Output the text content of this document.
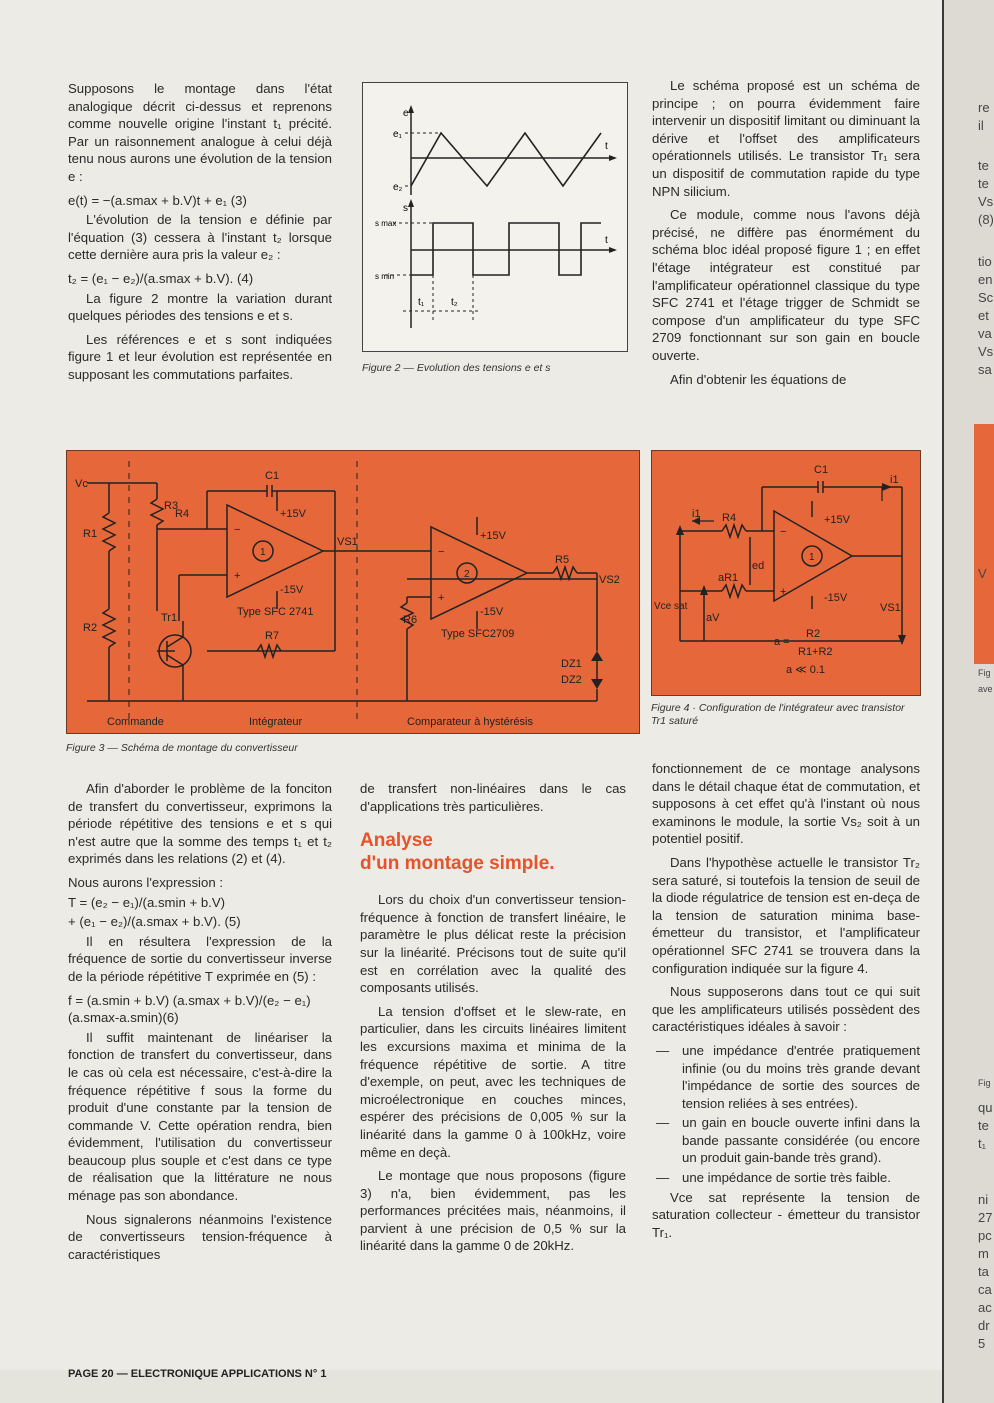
Supposons le montage dans l'état analogique décrit ci-dessus et reprenons comme nouvelle origine l'instant t₁ précité. Par un raisonnement analogue à celui déjà tenu nous aurons une évolution de la tension e :

e(t) = −(a.smax + b.V)t + e₁ (3)

L'évolution de la tension e définie par l'équation (3) cessera à l'instant t₂ lorsque cette dernière aura pris la valeur e₂ :

t₂ = (e₁ − e₂)/(a.smax + b.V). (4)

La figure 2 montre la variation durant quelques périodes des tensions e et s.

Les références e et s sont indiquées figure 1 et leur évolution est représentée en supposant les commutations parfaites.

e
e₁
e₂
t
s
s max
s min
t
t₁	t₂
Figure 2 — Evolution des tensions e et s

Le schéma proposé est un schéma de principe ; on pourra évidemment faire intervenir un dispositif limitant ou diminuant la dérive et l'offset des amplificateurs opérationnels utilisés. Le transistor Tr₁ sera un dispositif de commutation rapide du type NPN silicium.

Ce module, comme nous l'avons déjà précisé, ne diffère pas énormément du schéma bloc idéal proposé figure 1 ; en effet l'étage intégrateur est constitué par l'amplificateur opérationnel classique du type SFC 2741 et l'étage trigger de Schmidt se compose d'un amplificateur du type SFC 2709 fonctionnant sur son gain en boucle ouverte.

Afin d'obtenir les équations de

Vc
R1
R2
R3
R4
C1
+15V
-15V
1
+
−
Type SFC 2741
R7
Tr1
VS1	+15V
-15V
2
−
+
R6
Type SFC2709
R5
VS2
DZ1
DZ2
Commande	Intégrateur	Comparateur à hystérésis
Figure 3 — Schéma de montage du convertisseur
C1
i1
i1 R4	+15V
-15V
1
−
+
aR1
ed
Vce sat
aV
VS1
a =
R2
R1+R2
a ≪ 0.1
Figure 4 · Configuration de l'intégrateur avec transistor Tr1 saturé

Afin d'aborder le problème de la fonciton de transfert du convertisseur, exprimons la période répétitive des tensions e et s qui n'est autre que la somme des temps t₁ et t₂ exprimés dans les relations (2) et (4).

Nous aurons l'expression :

T = (e₂ − e₁)/(a.smin + b.V)

+ (e₁ − e₂)/(a.smax + b.V). (5)

Il en résultera l'expression de la fréquence de sortie du convertisseur inverse de la période répétitive T exprimée en (5) :

f = (a.smin + b.V) (a.smax + b.V)/(e₂ − e₁)(a.smax-a.smin)(6)

Il suffit maintenant de linéariser la fonction de transfert du convertisseur, dans le cas où cela est nécessaire, c'est-à-dire la fréquence répétitive f sous la forme du produit d'une constante par la tension de commande V. Cette opération rendra, bien évidemment, l'utilisation du convertisseur beaucoup plus souple et c'est dans ce type de réalisation que la littérature ne nous ménage pas son abondance.

Nous signalerons néanmoins l'existence de convertisseurs tension-fréquence à caractéristiques

de transfert non-linéaires dans le cas d'applications très particulières.

Analyse
d'un montage simple.

Lors du choix d'un convertisseur tension-fréquence à fonction de transfert linéaire, le paramètre le plus délicat reste la précision sur la linéarité. Précisons tout de suite qu'il est en corrélation avec la qualité des composants utilisés.

La tension d'offset et le slew-rate, en particulier, dans les circuits linéaires limitent les excursions maxima et minima de la fréquence répétitive de sortie. A titre d'exemple, on peut, avec les techniques de microélectronique en couches minces, espérer des précisions de 0,005 % sur la linéarité dans la gamme 0 à 100kHz, voire même en deçà.

Le montage que nous proposons (figure 3) n'a, bien évidemment, pas les performances précitées mais, néanmoins, il parvient à une précision de 0,5 % sur la linéarité dans la gamme 0 de 20kHz.

fonctionnement de ce montage analysons dans le détail chaque état de commutation, et supposons à cet effet qu'à l'instant où nous examinons le module, la sortie Vs₂ soit à un potentiel positif.

Dans l'hypothèse actuelle le transistor Tr₂ sera saturé, si toutefois la tension de seuil de la diode régulatrice de tension est en-deça de la tension de saturation minima base-émetteur du transistor, et l'amplificateur opérationnel SFC 2741 se trouvera dans la configuration indiquée sur la figure 4.

Nous supposerons dans tout ce qui suit que les amplificateurs utilisés possèdent des caractéristiques idéales à savoir :

— une impédance d'entrée pratiquement infinie (ou du moins très grande devant l'impédance de sortie des sources de tension reliées à ses entrées).
— un gain en boucle ouverte infini dans la bande passante considérée (ou encore un produit gain-bande très grand).
— une impédance de sortie très faible.

Vce sat représente la tension de saturation collecteur - émetteur du transistor Tr₁.

re
il
te
te
Vs
(8)
tio
en
Sc
et
va
Vs
sa
V
Fig
ave
Fig
qu
te
t₁
ni
27
pc
m
ta
ca
ac
dr
5
PAGE 20 — ELECTRONIQUE APPLICATIONS N° 1
